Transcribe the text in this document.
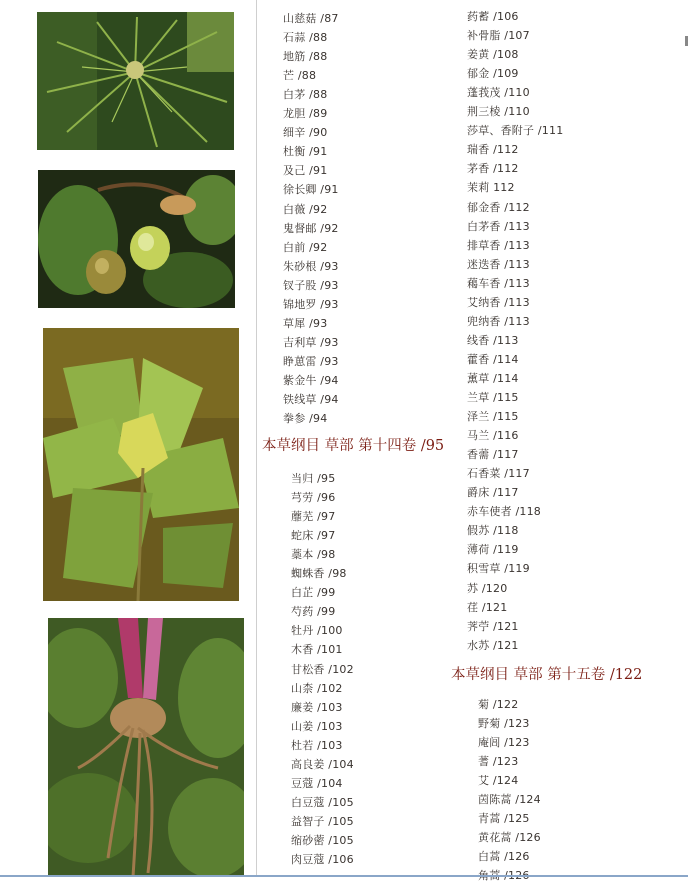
山慈菇 /87
石蒜 /88
地筋 /88
芒 /88
白茅 /88
龙胆 /89
细辛 /90
杜衡 /91
及己 /91
徐长卿 /91
白薇 /92
鬼督邮 /92
白前 /92
朱砂根 /93
钗子股 /93
锦地罗 /93
草犀 /93
吉利草 /93
睁葸雷 /93
紫金牛 /94
铁线草 /94
拳参 /94
本草纲目 草部 第十四卷 /95
当归 /95
芎劳 /96
蘼芜 /97
蛇床 /97
藁本 /98
蜘蛛香 /98
白芷 /99
芍药 /99
牡丹 /100
木香 /101
甘松香 /102
山柰 /102
廉姜 /103
山姜 /103
杜若 /103
高良姜 /104
豆蔻 /104
白豆蔻 /105
益智子 /105
缩砂蔤 /105
肉豆蔻 /106
药蓄 /106
补骨脂 /107
姜黄 /108
郁金 /109
蓬莪茂 /110
荆三棱 /110
莎草、香附子 /111
瑞香 /112
茅香 /112
茉莉 112
郁金香 /112
白茅香 /113
排草香 /113
迷迭香 /113
藒车香 /113
艾纳香 /113
兜纳香 /113
线香 /113
藿香 /114
薰草 /114
兰草 /115
泽兰 /115
马兰 /116
香薷 /117
石香菜 /117
爵床 /117
赤车使者 /118
假苏 /118
薄荷 /119
积雪草 /119
苏 /120
荏 /121
荠苧 /121
水苏 /121
本草纲目 草部 第十五卷 /122
菊 /122
野菊 /123
庵闾 /123
蓍 /123
艾 /124
茵陈蒿 /124
青蒿 /125
黄花蒿 /126
白蒿 /126
